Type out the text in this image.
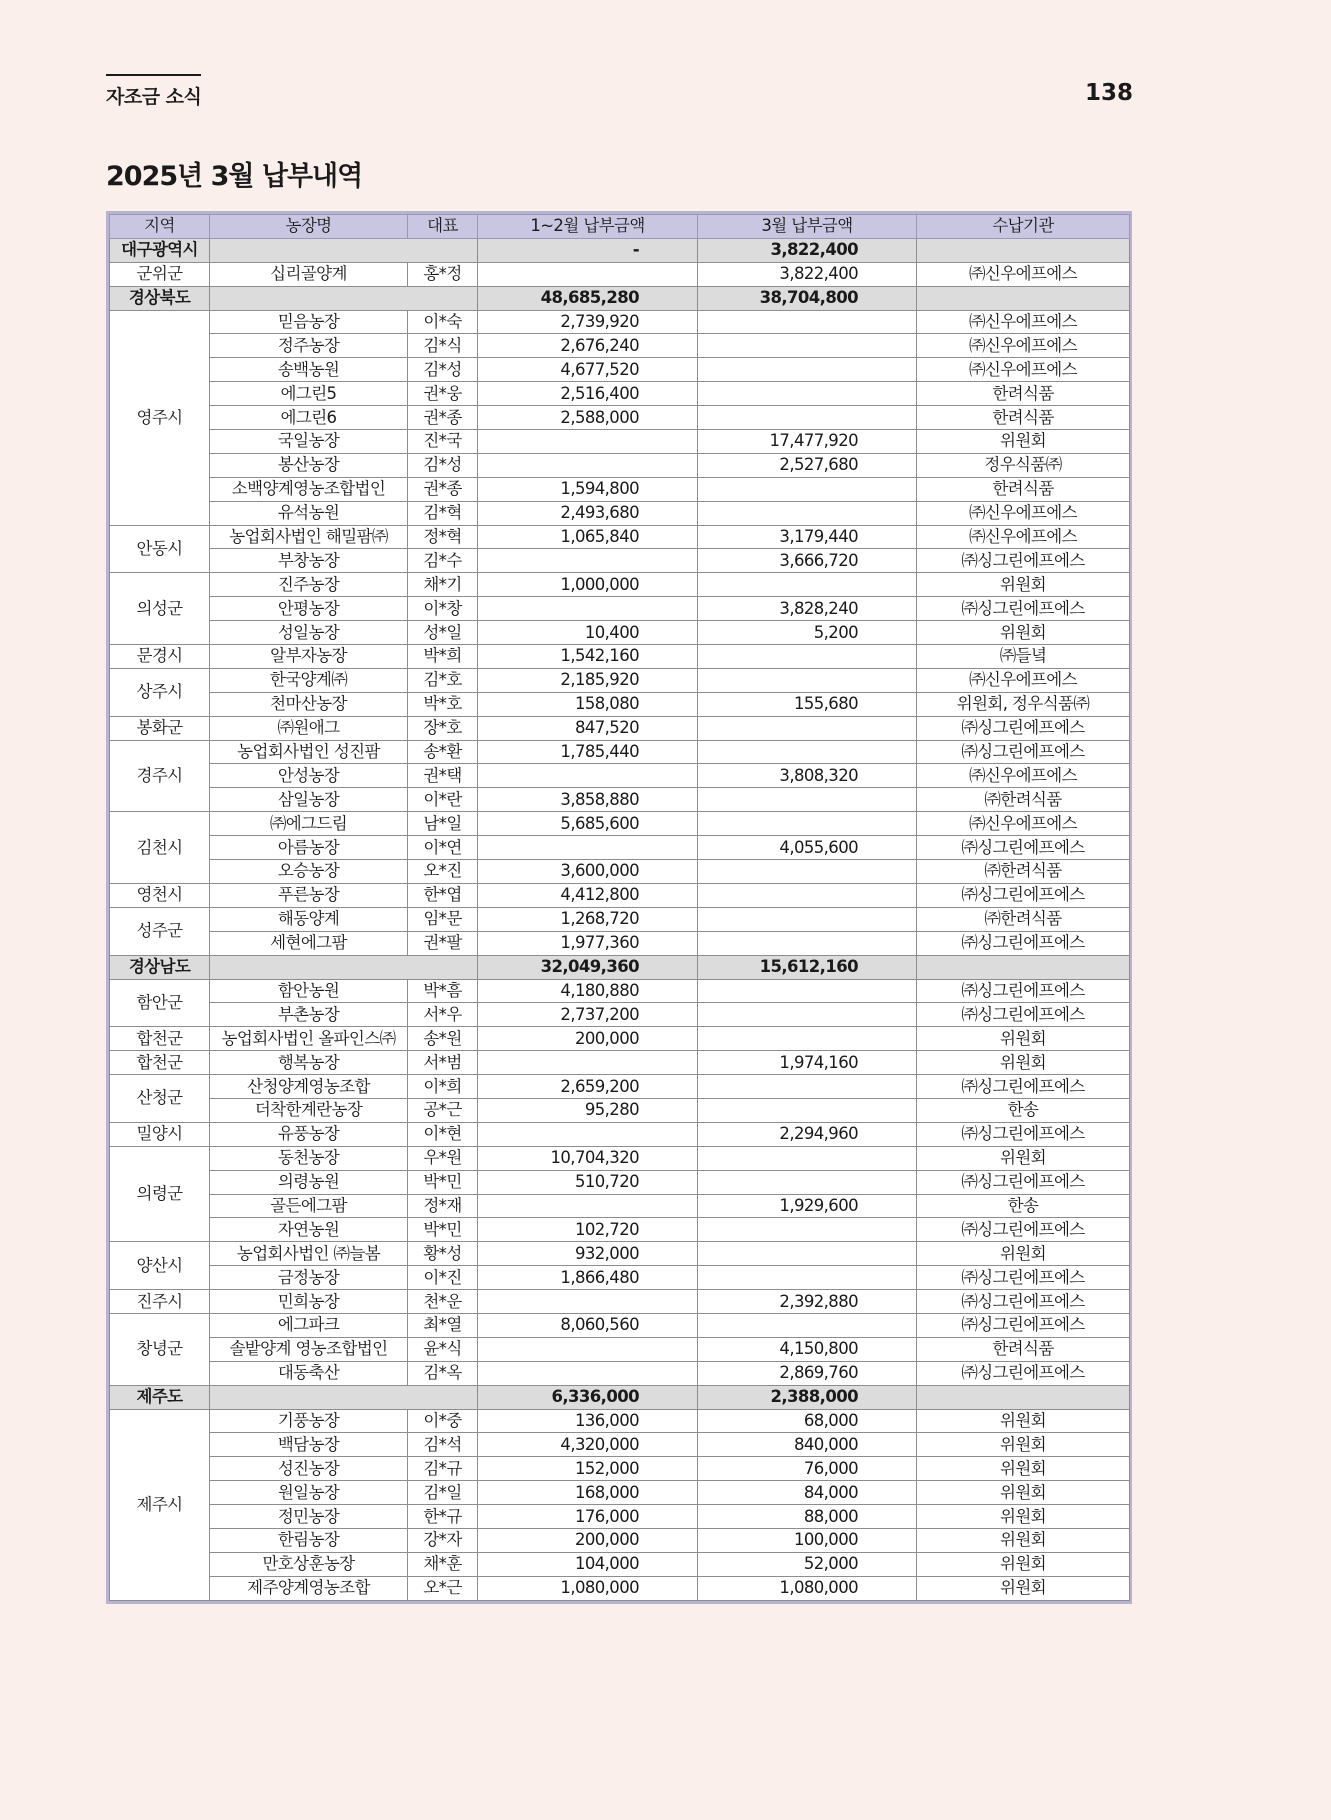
자조금 소식	138
2025년 3월 납부내역
지역	농장명	대표	1~2월 납부금액	3월 납부금액	수납기관
대구광역시			-	3,822,400	
군위군	십리골양계	홍*정		3,822,400	㈜신우에프에스
경상북도			48,685,280	38,704,800	
영주시	믿음농장	이*숙	2,739,920		㈜신우에프에스
	정주농장	김*식	2,676,240		㈜신우에프에스
	송백농원	김*성	4,677,520		㈜신우에프에스
	에그린5	권*웅	2,516,400		한려식품
	에그린6	권*종	2,588,000		한려식품
	국일농장	진*국		17,477,920	위원회
	봉산농장	김*성		2,527,680	정우식품㈜
	소백양계영농조합법인	권*종	1,594,800		한려식품
	유석농원	김*혁	2,493,680		㈜신우에프에스
안동시	농업회사법인 해밀팜㈜	정*혁	1,065,840	3,179,440	㈜신우에프에스
	부창농장	김*수		3,666,720	㈜싱그린에프에스
의성군	진주농장	채*기	1,000,000		위원회
	안평농장	이*창		3,828,240	㈜싱그린에프에스
	성일농장	성*일	10,400	5,200	위원회
문경시	알부자농장	박*희	1,542,160		㈜들녘
상주시	한국양계㈜	김*호	2,185,920		㈜신우에프에스
	천마산농장	박*호	158,080	155,680	위원회, 정우식품㈜
봉화군	㈜원애그	장*호	847,520		㈜싱그린에프에스
경주시	농업회사법인 성진팜	송*환	1,785,440		㈜싱그린에프에스
	안성농장	권*택		3,808,320	㈜신우에프에스
	삼일농장	이*란	3,858,880		㈜한려식품
김천시	㈜에그드림	남*일	5,685,600		㈜신우에프에스
	아름농장	이*연		4,055,600	㈜싱그린에프에스
	오승농장	오*진	3,600,000		㈜한려식품
영천시	푸른농장	한*엽	4,412,800		㈜싱그린에프에스
성주군	해동양계	임*문	1,268,720		㈜한려식품
	세현에그팜	권*팔	1,977,360		㈜싱그린에프에스
경상남도			32,049,360	15,612,160	
함안군	함안농원	박*흠	4,180,880		㈜싱그린에프에스
	부촌농장	서*우	2,737,200		㈜싱그린에프에스
합천군	농업회사법인 올파인스㈜	송*원	200,000		위원회
합천군	행복농장	서*범		1,974,160	위원회
산청군	산청양계영농조합	이*희	2,659,200		㈜싱그린에프에스
	더착한계란농장	공*근	95,280		한송
밀양시	유풍농장	이*현		2,294,960	㈜싱그린에프에스
의령군	동천농장	우*원	10,704,320		위원회
	의령농원	박*민	510,720		㈜싱그린에프에스
	골든에그팜	정*재		1,929,600	한송
	자연농원	박*민	102,720		㈜싱그린에프에스
양산시	농업회사법인 ㈜늘봄	황*성	932,000		위원회
	금정농장	이*진	1,866,480		㈜싱그린에프에스
진주시	민희농장	천*운		2,392,880	㈜싱그린에프에스
창녕군	에그파크	최*열	8,060,560		㈜싱그린에프에스
	솔밭양계 영농조합법인	윤*식		4,150,800	한려식품
	대동축산	김*옥		2,869,760	㈜싱그린에프에스
제주도			6,336,000	2,388,000	
제주시	기풍농장	이*중	136,000	68,000	위원회
	백담농장	김*석	4,320,000	840,000	위원회
	성진농장	김*규	152,000	76,000	위원회
	원일농장	김*일	168,000	84,000	위원회
	정민농장	한*규	176,000	88,000	위원회
	한림농장	강*자	200,000	100,000	위원회
	만호상훈농장	채*훈	104,000	52,000	위원회
	제주양계영농조합	오*근	1,080,000	1,080,000	위원회
